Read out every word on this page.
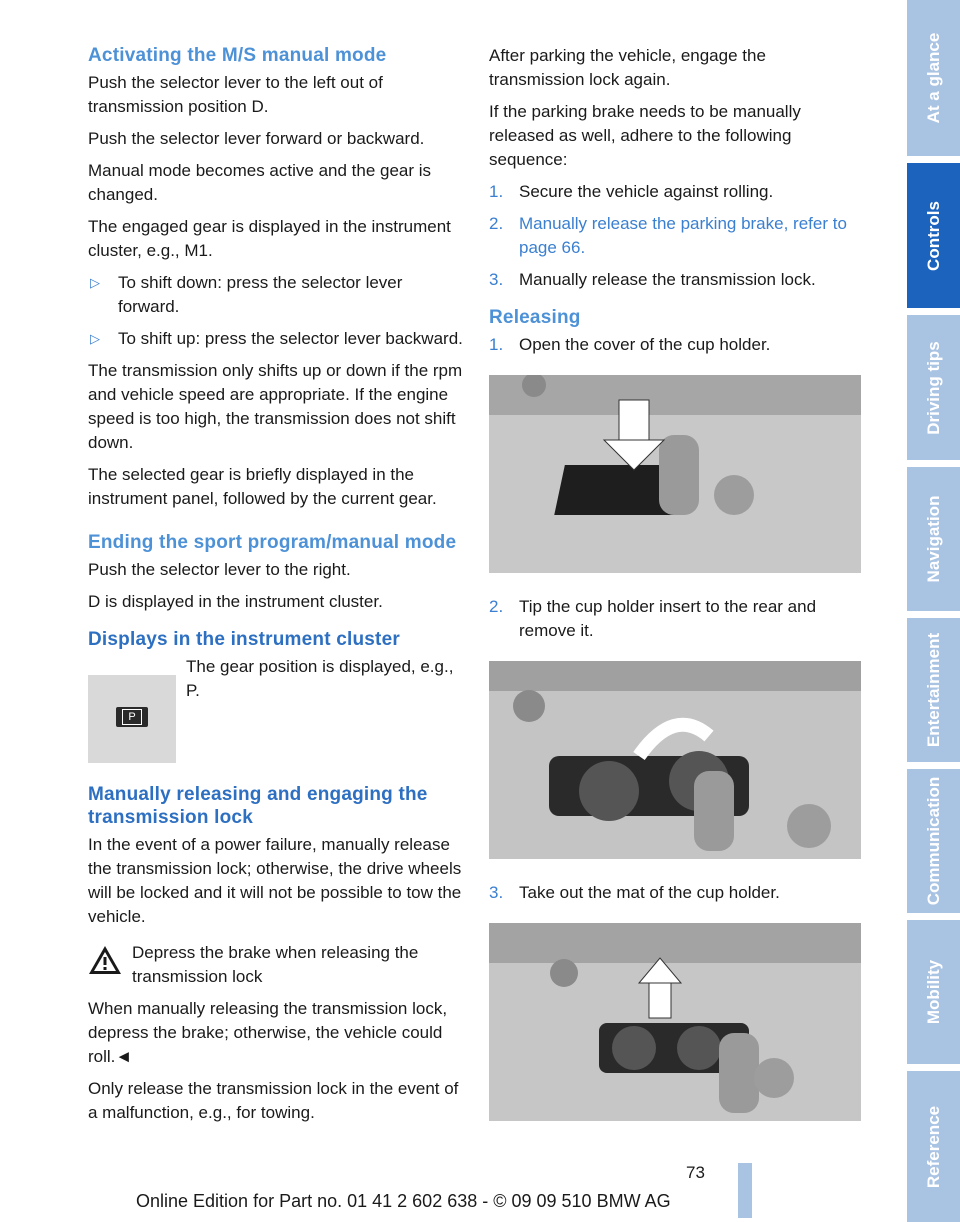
Activating the M/S manual mode

Push the selector lever to the left out of transmission position D.

Push the selector lever forward or backward.

Manual mode becomes active and the gear is changed.

The engaged gear is displayed in the instrument cluster, e.g., M1.

▷	To shift down: press the selector lever forward.
▷	To shift up: press the selector lever backward.

The transmission only shifts up or down if the rpm and vehicle speed are appropriate. If the engine speed is too high, the transmission does not shift down.

The selected gear is briefly displayed in the instrument panel, followed by the current gear.

Ending the sport program/manual mode

Push the selector lever to the right.

D is displayed in the instrument cluster.

Displays in the instrument cluster
P

The gear position is displayed, e.g., P.

Manually releasing and engaging the transmission lock

In the event of a power failure, manually release the transmission lock; otherwise, the drive wheels will be locked and it will not be possible to tow the vehicle.

Depress the brake when releasing the transmission lock

When manually releasing the transmission lock, depress the brake; otherwise, the vehicle could roll.◄

Only release the transmission lock in the event of a malfunction, e.g., for towing.

After parking the vehicle, engage the transmission lock again.

If the parking brake needs to be manually released as well, adhere to the following sequence:

1. Secure the vehicle against rolling.
2. Manually release the parking brake, refer to page 66.
3. Manually release the transmission lock.
Releasing
1. Open the cover of the cup holder.
2. Tip the cup holder insert to the rear and remove it.
3. Take out the mat of the cup holder.
At a glance
Controls
Driving tips
Navigation
Entertainment
Communication
Mobility
Reference
73
Online Edition for Part no. 01 41 2 602 638 - © 09 09 510 BMW AG
